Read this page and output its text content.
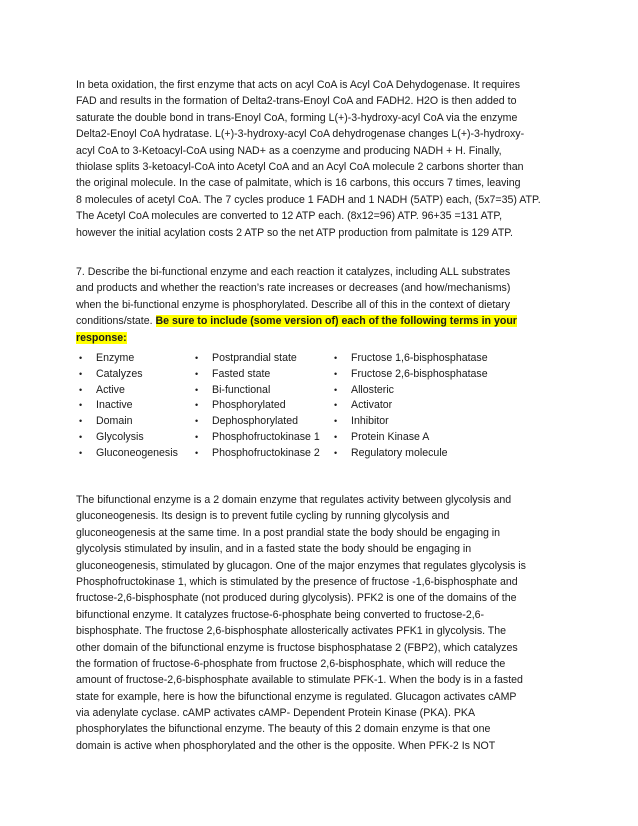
In beta oxidation, the first enzyme that acts on acyl CoA is Acyl CoA Dehydogenase. It requires
FAD and results in the formation of Delta2-trans-Enoyl CoA and FADH2. H2O is then added to
saturate the double bond in trans-Enoyl CoA, forming L(+)-3-hydroxy-acyl CoA via the enzyme
Delta2-Enoyl CoA hydratase. L(+)-3-hydroxy-acyl CoA dehydrogenase changes L(+)-3-hydroxy-
acyl CoA to 3-Ketoacyl-CoA using NAD+ as a coenzyme and producing NADH + H. Finally,
thiolase splits 3-ketoacyl-CoA into Acetyl CoA and an Acyl CoA molecule 2 carbons shorter than
the original molecule. In the case of palmitate, which is 16 carbons, this occurs 7 times, leaving
8 molecules of acetyl CoA. The 7 cycles produce 1 FADH and 1 NADH (5ATP) each, (5x7=35) ATP.
The Acetyl CoA molecules are converted to 12 ATP each. (8x12=96) ATP. 96+35 =131 ATP,
however the initial acylation costs 2 ATP so the net ATP production from palmitate is 129 ATP.
7. Describe the bi-functional enzyme and each reaction it catalyzes, including ALL substrates
and products and whether the reaction’s rate increases or decreases (and how/mechanisms)
when the bi-functional enzyme is phosphorylated. Describe all of this in the context of dietary
conditions/state. Be sure to include (some version of) each of the following terms in your
response:
• Enzyme
• Catalyzes
• Active
• Inactive
• Domain
• Glycolysis
• Gluconeogenesis
• Postprandial state
• Fasted state
• Bi-functional
• Phosphorylated
• Dephosphorylated
• Phosphofructokinase 1
• Phosphofructokinase 2
• Fructose 1,6-bisphosphatase
• Fructose 2,6-bisphosphatase
• Allosteric
• Activator
• Inhibitor
• Protein Kinase A
• Regulatory molecule
The bifunctional enzyme is a 2 domain enzyme that regulates activity between glycolysis and
gluconeogenesis. Its design is to prevent futile cycling by running glycolysis and
gluconeogenesis at the same time. In a post prandial state the body should be engaging in
glycolysis stimulated by insulin, and in a fasted state the body should be engaging in
gluconeogenesis, stimulated by glucagon. One of the major enzymes that regulates glycolysis is
Phosphofructokinase 1, which is stimulated by the presence of fructose -1,6-bisphosphate and
fructose-2,6-bisphosphate (not produced during glycolysis). PFK2 is one of the domains of the
bifunctional enzyme. It catalyzes fructose-6-phosphate being converted to fructose-2,6-
bisphosphate. The fructose 2,6-bisphosphate allosterically activates PFK1 in glycolysis. The
other domain of the bifunctional enzyme is fructose bisphosphatase 2 (FBP2), which catalyzes
the formation of fructose-6-phosphate from fructose 2,6-bisphosphate, which will reduce the
amount of fructose-2,6-bisphosphate available to stimulate PFK-1. When the body is in a fasted
state for example, here is how the bifunctional enzyme is regulated. Glucagon activates cAMP
via adenylate cyclase. cAMP activates cAMP- Dependent Protein Kinase (PKA). PKA
phosphorylates the bifunctional enzyme. The beauty of this 2 domain enzyme is that one
domain is active when phosphorylated and the other is the opposite. When PFK-2 Is NOT
